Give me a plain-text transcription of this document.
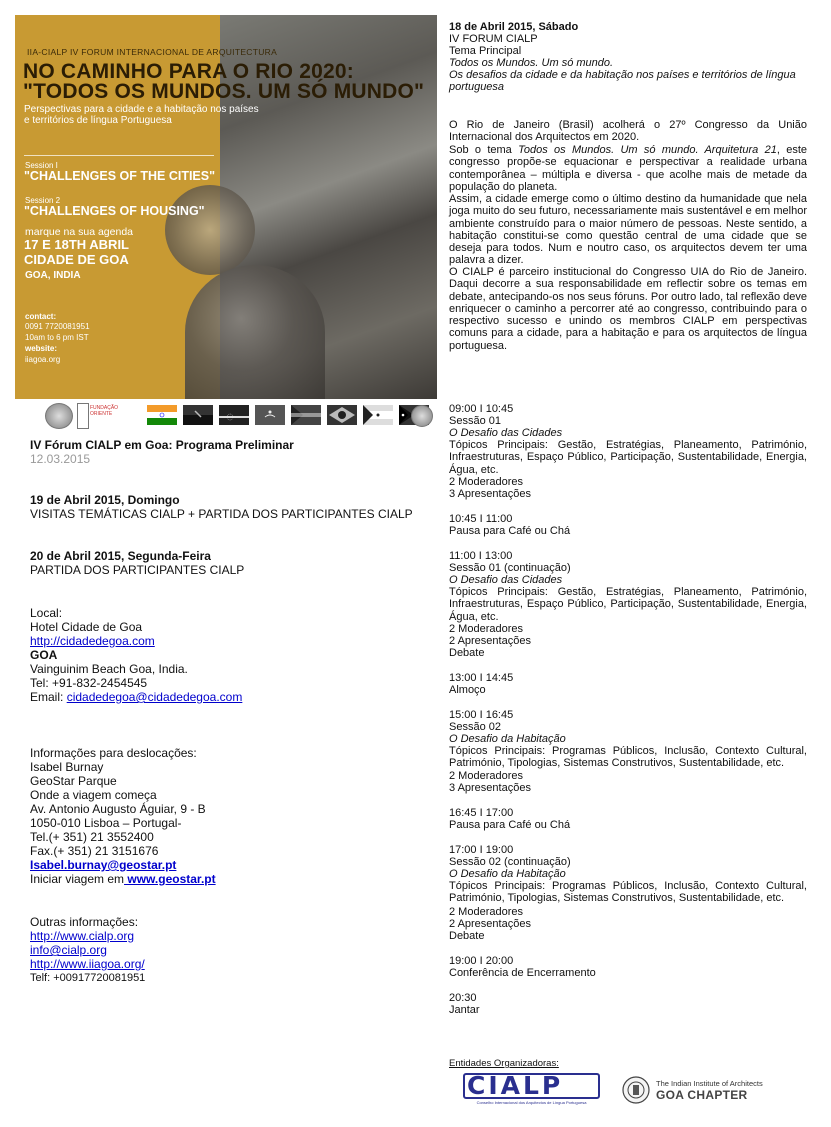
IIA-CIALP IV FORUM INTERNACIONAL DE ARQUITECTURA
NO CAMINHO PARA O RIO 2020:
"TODOS OS MUNDOS. UM SÓ MUNDO"
Perspectivas para a cidade e a habitação nos países
e territórios de língua Portuguesa
Session I
"CHALLENGES OF THE CITIES"
Session 2
"CHALLENGES OF HOUSING"
marque na sua agenda
17 E 18TH ABRIL
CIDADE DE GOA
GOA, INDIA
contact:
0091 7720081951
10am to 6 pm IST
website:
iiagoa.org
FUNDAÇÃO ORIENTE
IV Fórum CIALP em Goa: Programa Preliminar
12.03.2015
19 de Abril 2015, Domingo
VISITAS TEMÁTICAS CIALP + PARTIDA DOS PARTICIPANTES CIALP
20 de Abril 2015, Segunda-Feira
PARTIDA DOS PARTICIPANTES CIALP
Local:
Hotel Cidade de Goa
http://cidadedegoa.com
GOA
Vainguinim Beach Goa, India.
Tel: +91-832-2454545
Email: cidadedegoa@cidadedegoa.com
Informações para deslocações:
Isabel Burnay
GeoStar Parque
Onde a viagem começa
Av. Antonio Augusto Águiar, 9 - B
1050-010 Lisboa – Portugal-
Tel.(+ 351) 21 3552400
Fax.(+ 351) 21 3151676
Isabel.burnay@geostar.pt
Iniciar viagem em www.geostar.pt
Outras informações:
http://www.cialp.org
info@cialp.org
http://www.iiagoa.org/
Telf: +00917720081951
18 de Abril 2015, Sábado
IV FORUM CIALP
Tema Principal
Todos os Mundos. Um só mundo.
Os desafios da cidade e da habitação nos países e territórios de língua portuguesa
O Rio de Janeiro (Brasil) acolherá o 27º Congresso da União Internacional dos Arquitectos em 2020.
Sob o tema Todos os Mundos. Um só mundo. Arquitetura 21, este congresso propõe-se equacionar e perspectivar a realidade urbana contemporânea – múltipla e diversa - que acolhe mais de metade da população do planeta.
Assim, a cidade emerge como o último destino da humanidade que nela joga muito do seu futuro, necessariamente mais sustentável e em melhor ambiente construído para o maior número de pessoas. Neste sentido, a habitação constitui-se como questão central de uma cidade que se deseja para todos. Num e noutro caso, os arquitectos devem ter uma palavra a dizer.
O CIALP é parceiro institucional do Congresso UIA do Rio de Janeiro. Daqui decorre a sua responsabilidade em reflectir sobre os temas em debate, antecipando-os nos seus fóruns. Por outro lado, tal reflexão deve enriquecer o caminho a percorrer até ao congresso, contribuindo para o respectivo sucesso e unindo os membros CIALP em perspectivas comuns para a cidade, para a habitação e para os arquitectos de língua portuguesa.
09:00 I 10:45
Sessão 01
O Desafio das Cidades
Tópicos Principais: Gestão, Estratégias, Planeamento, Património, Infraestruturas, Espaço Público, Participação, Sustentabilidade, Energia, Água, etc.
2 Moderadores
3 Apresentações
10:45 I 11:00
Pausa para Café ou Chá
11:00 I 13:00
Sessão 01 (continuação)
O Desafio das Cidades
Tópicos Principais: Gestão, Estratégias, Planeamento, Património, Infraestruturas, Espaço Público, Participação, Sustentabilidade, Energia, Água, etc.
2 Moderadores
2 Apresentações
Debate
13:00 I 14:45
Almoço
15:00 I 16:45
Sessão 02
O Desafio da Habitação
Tópicos Principais: Programas Públicos, Inclusão, Contexto Cultural, Património, Tipologias, Sistemas Construtivos, Sustentabilidade, etc.
2 Moderadores
3 Apresentações
16:45 I 17:00
Pausa para Café ou Chá
17:00 I 19:00
Sessão 02 (continuação)
O Desafio da Habitação
Tópicos Principais: Programas Públicos, Inclusão, Contexto Cultural, Património, Tipologias, Sistemas Construtivos, Sustentabilidade, etc.
2 Moderadores
2 Apresentações
Debate
19:00 I 20:00
Conferência de Encerramento
20:30
Jantar
Entidades Organizadoras:
CIALP
Conselho Internacional dos Arquitectos de Língua Portuguesa
The Indian Institute of Architects
GOA CHAPTER
